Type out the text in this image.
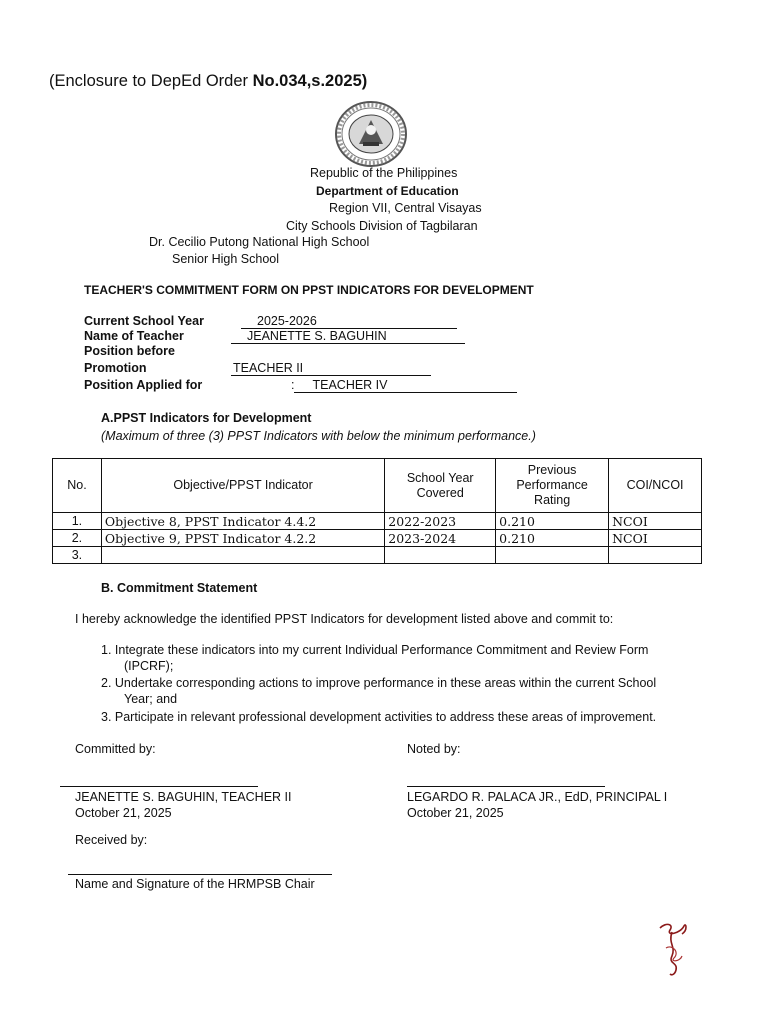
(Enclosure to DepEd Order No.034,s.2025)
Republic of the Philippines
Department of Education
Region VII, Central Visayas
City Schools Division of Tagbilaran
Dr. Cecilio Putong National High School
Senior High School
TEACHER'S COMMITMENT FORM ON PPST INDICATORS FOR DEVELOPMENT
Current School Year	2025-2026
Name of Teacher	JEANETTE S. BAGUHIN
Position before
Promotion	TEACHER II
Position Applied for	: TEACHER IV
A.PPST Indicators for Development
(Maximum of three (3) PPST Indicators with below the minimum performance.)
No.	Objective/PPST Indicator	School Year Covered	Previous Performance Rating	COI/NCOI
1.	Objective 8, PPST Indicator 4.4.2	2022-2023	0.210	NCOI
2.	Objective 9, PPST Indicator 4.2.2	2023-2024	0.210	NCOI
3.				
B. Commitment Statement
I hereby acknowledge the identified PPST Indicators for development listed above and commit to:
1. Integrate these indicators into my current Individual Performance Commitment and Review Form
(IPCRF);
2. Undertake corresponding actions to improve performance in these areas within the current School
Year; and
3. Participate in relevant professional development activities to address these areas of improvement.
Committed by:	Noted by:
JEANETTE S. BAGUHIN, TEACHER II
October 21, 2025
LEGARDO R. PALACA JR., EdD, PRINCIPAL I
October 21, 2025
Received by:
Name and Signature of the HRMPSB Chair
